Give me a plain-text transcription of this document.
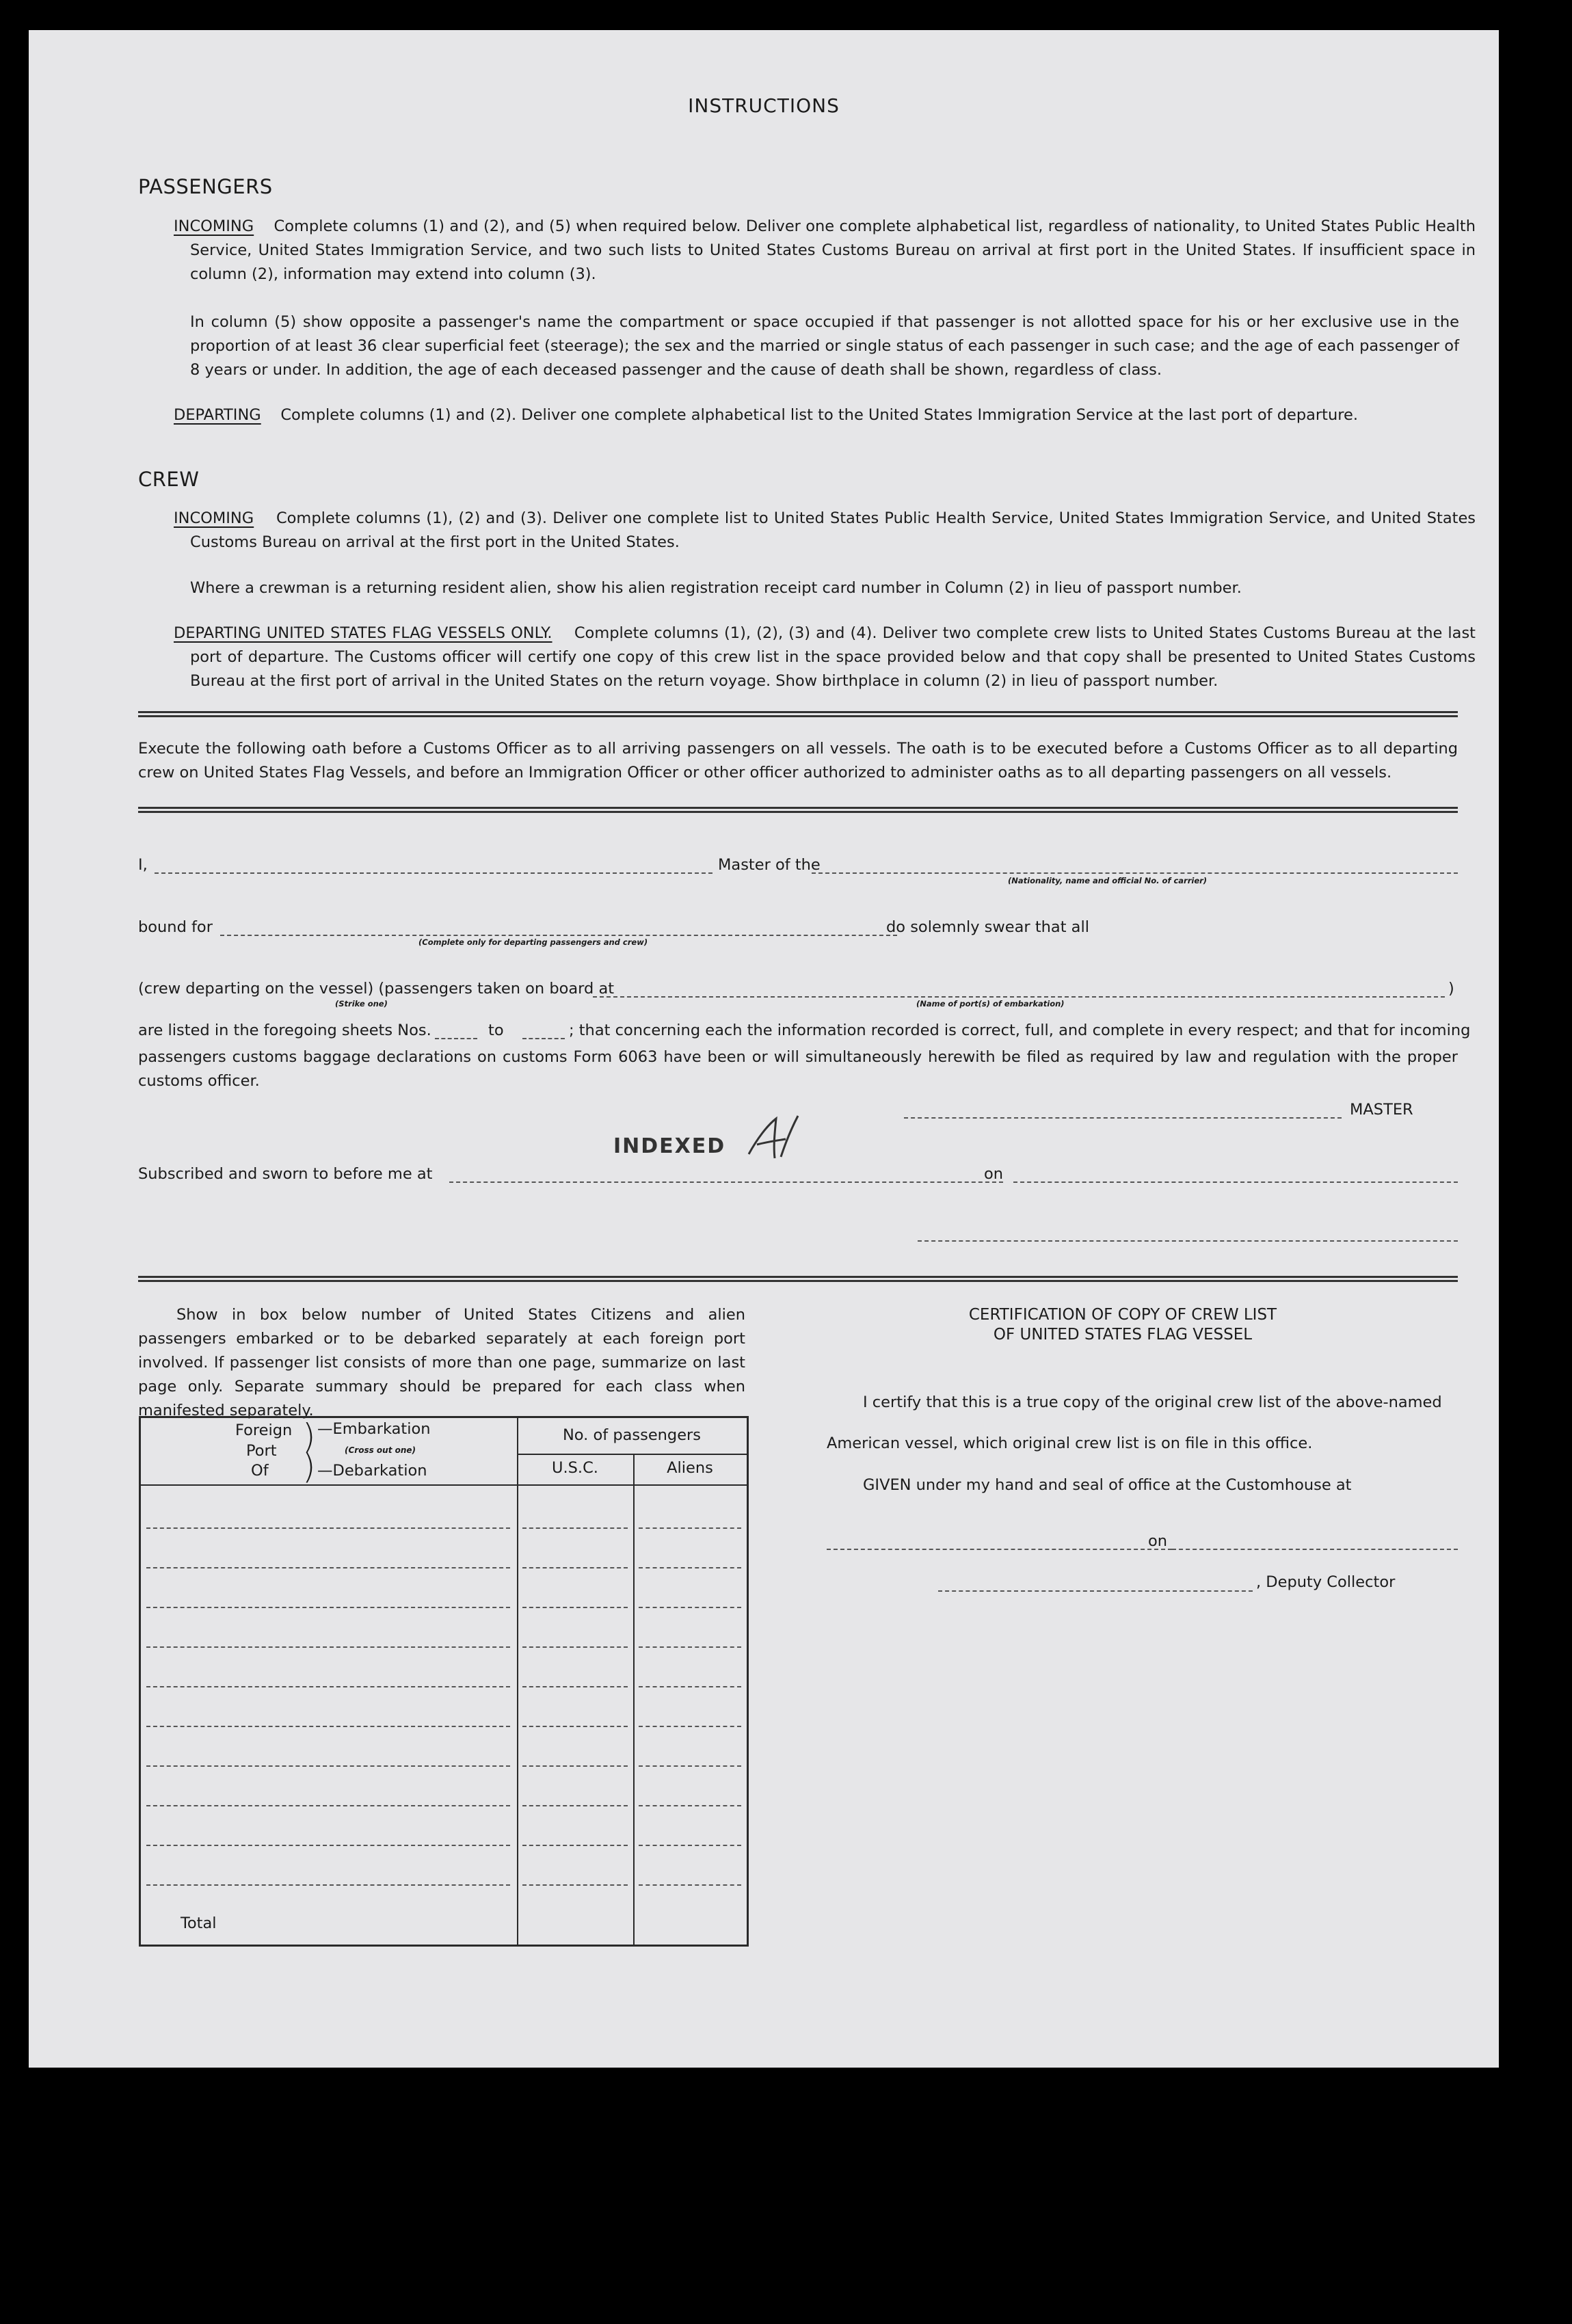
INSTRUCTIONS
PASSENGERS
INCOMING Complete columns (1) and (2), and (5) when required below. Deliver one complete alphabetical list, regardless of nationality, to United States Public Health Service, United States Immigration Service, and two such lists to United States Customs Bureau on arrival at first port in the United States. If insufficient space in column (2), information may extend into column (3).
In column (5) show opposite a passenger's name the compartment or space occupied if that passenger is not allotted space for his or her exclusive use in the proportion of at least 36 clear superficial feet (steerage); the sex and the married or single status of each passenger in such case; and the age of each passenger of 8 years or under. In addition, the age of each deceased passenger and the cause of death shall be shown, regardless of class.
DEPARTING Complete columns (1) and (2). Deliver one complete alphabetical list to the United States Immigration Service at the last port of departure.
CREW
INCOMING Complete columns (1), (2) and (3). Deliver one complete list to United States Public Health Service, United States Immigration Service, and United States Customs Bureau on arrival at the first port in the United States.
Where a crewman is a returning resident alien, show his alien registration receipt card number in Column (2) in lieu of passport number.
DEPARTING UNITED STATES FLAG VESSELS ONLY. Complete columns (1), (2), (3) and (4). Deliver two complete crew lists to United States Customs Bureau at the last port of departure. The Customs officer will certify one copy of this crew list in the space provided below and that copy shall be presented to United States Customs Bureau at the first port of arrival in the United States on the return voyage. Show birthplace in column (2) in lieu of passport number.
Execute the following oath before a Customs Officer as to all arriving passengers on all vessels. The oath is to be executed before a Customs Officer as to all departing crew on United States Flag Vessels, and before an Immigration Officer or other officer authorized to administer oaths as to all departing passengers on all vessels.
I,	Master of the
(Nationality, name and official No. of carrier)
bound for
(Complete only for departing passengers and crew)
do solemnly swear that all
(crew departing on the vessel) (passengers taken on board at	)
(Strike one)	(Name of port(s) of embarkation)
are listed in the foregoing sheets Nos.	to	; that concerning each the information recorded is correct, full, and complete in every respect; and that for incoming
passengers customs baggage declarations on customs Form 6063 have been or will simultaneously herewith be filed as required by law and regulation with the proper customs officer.
MASTER
INDEXED
Subscribed and sworn to before me at	on
Show in box below number of United States Citizens and alien passengers embarked or to be debarked separately at each foreign port involved. If passenger list consists of more than one page, summarize on last page only. Separate summary should be prepared for each class when manifested separately.
Foreign
Port
Of
)
)
—Embarkation
(Cross out one)
—Debarkation
No. of passengers
U.S.C.	Aliens
Total
CERTIFICATION OF COPY OF CREW LIST
OF UNITED STATES FLAG VESSEL
I certify that this is a true copy of the original crew list of the above-named
American vessel, which original crew list is on file in this office.
GIVEN under my hand and seal of office at the Customhouse at
on
, Deputy Collector
